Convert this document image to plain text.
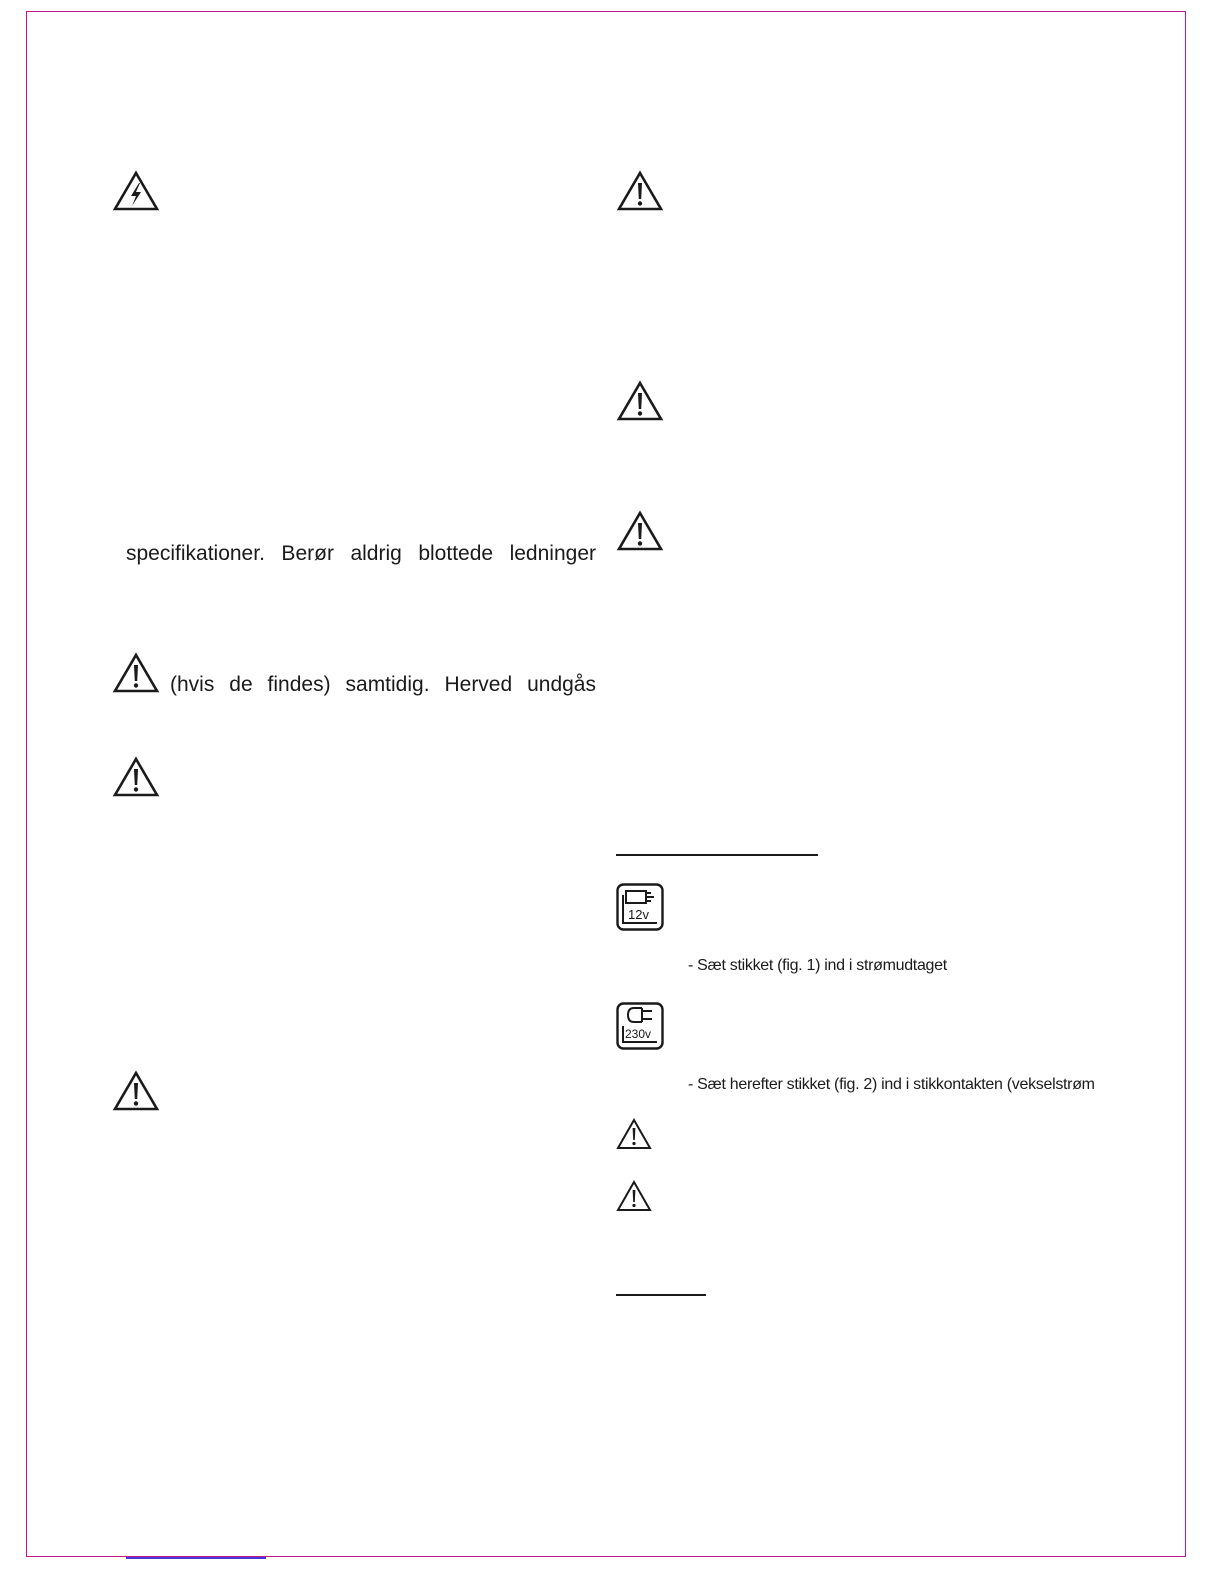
specifikationer. Berør aldrig blottede ledninger
(hvis de findes) samtidig. Herved undgås
12v
- Sæt stikket (fig. 1) ind i strømudtaget
230v
- Sæt herefter stikket (fig. 2) ind i stikkontakten (vekselstrøm
